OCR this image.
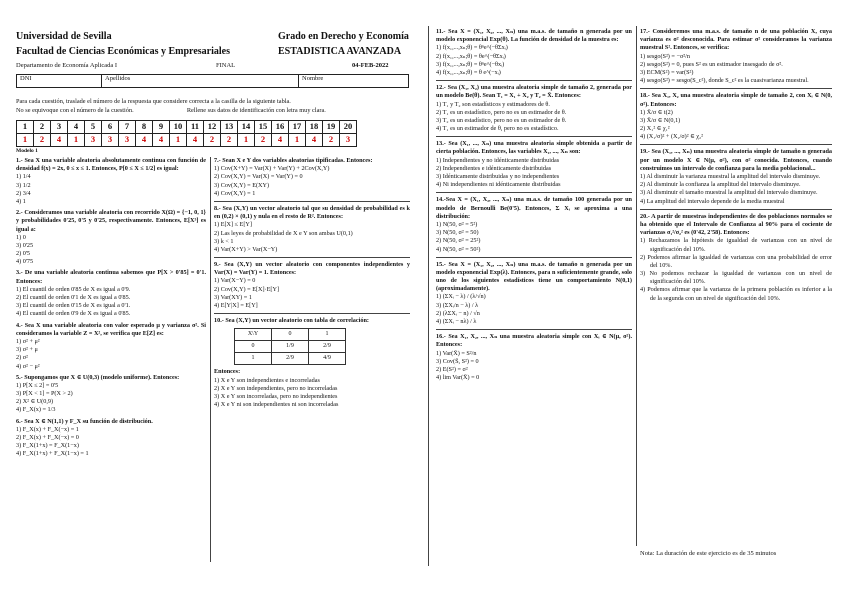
Universidad de Sevilla
Facultad de Ciencias Económicas y Empresariales
Grado en Derecho y Economía
ESTADISTICA AVANZADA
Departamento de Economía Aplicada I	FINAL	04-FEB-2022
DNI	Apellidos	Nombre
Para cada cuestión, traslade el número de la respuesta que considere correcta a la casilla de la siguiente tabla.
No se equivoque con el número de la cuestión.	Rellene sus datos de identificación con letra muy clara.
1	2	3	4	5	6	7	8	9	10	11	12	13	14	15	16	17	18	19	20
1	2	4	1	3	3	3	4	4	1	4	2	2	1	2	4	1	4	2	3
Modelo 1

1.- Sea X una variable aleatoria absolutamente continua con función de densidad f(x) = 2x, 0 ≤ x ≤ 1. Entonces, P[0 ≤ X ≤ 1/2] es igual:

1) 1/4

3) 1/2

2) 3/4

4) 1

2.- Consideramos una variable aleatoria con recorrido X(Ω) = {−1, 0, 1} y probabilidades 0'25, 0'5 y 0'25, respectivamente. Entonces, E[X³] es igual a:

1) 0

3) 0'25

2) 0'5

4) 0'75

3.- De una variable aleatoria continua sabemos que P[X > 0'85] = 0'1. Entonces:

1) El cuantil de orden 0'85 de X es igual a 0'9.

2) El cuantil de orden 0'1 de X es igual a 0'85.

3) El cuantil de orden 0'15 de X es igual a 0'1.

4) El cuantil de orden 0'9 de X es igual a 0'85.

4.- Sea X una variable aleatoria con valor esperado μ y varianza σ². Si consideramos la variable Z = X², se verifica que E[Z] es:

1) σ² + μ²

3) σ² + μ

2) σ²

4) σ² − μ²

5.- Supongamos que X ∈ U(0,3) (modelo uniforme). Entonces:

1) P[X ≤ 2] = 0'5

3) P[X < 1] = P(X > 2)

2) X² ∈ U(0,9)

4) F_X(x) = 1/3

6.- Sea X ∈ N(1,1) y F_X su función de distribución.

1) F_X(x) + F_X(−x) = 1

2) F_X(x) + F_X(−x) = 0

3) F_X(1+x) = F_X(1−x)

4) F_X(1+x) + F_X(1−x) = 1

7.- Sean X e Y dos variables aleatorias tipificadas. Entonces:

1) Cov(X+Y) = Var(X) + Var(Y) + 2Cov(X,Y)

2) Cov(X,Y) = Var(X) = Var(Y) = 0

3) Cov(X,Y) = E(XY)

4) Cov(X,Y) = 1

8.- Sea (X,Y) un vector aleatorio tal que su densidad de probabilidad es k en (0,2) × (0,1) y nula en el resto de R². Entonces:

1) E[X] ≤ E[Y]

2) Las leyes de probabilidad de X e Y son ambas U(0,1)

3) k < 1

4) Var(X+Y) > Var(X−Y)

9.- Sea (X,Y) un vector aleatorio con componentes independientes y Var(X) = Var(Y) = 1. Entonces:

1) Var(X−Y) = 0

2) Cov(X,Y) = E[X]·E[Y]

3) Var(XY) = 1

4) E[Y|X] = E[Y]

10.- Sea (X,Y) un vector aleatorio con tabla de correlación:

X\Y	0	1
0	1/9	2/9
1	2/9	4/9

Entonces:

1) X e Y son independientes e incorreladas

2) X e Y son independientes, pero no incorreladas

3) X e Y son incorreladas, pero no independientes

4) X e Y ni son independientes ni son incorreladas

11.- Sea X = (X₁, X₂, ..., Xₙ) una m.a.s. de tamaño n generada por un modelo exponencial Exp(θ). La función de densidad de la muestra es:

1) f(x₁,...,xₙ;θ) = θⁿe^(−θΣxᵢ)

2) f(x₁,...,xₙ;θ) = θe^(−θΣxᵢ)

3) f(x₁,...,xₙ;θ) = θⁿe^(−θxᵢ)

4) f(x₁,...,xₙ;θ) = θ e^(−xᵢ)

12.- Sea (X₁, X₂) una muestra aleatoria simple de tamaño 2, generada por un modelo Be(θ). Sean T₁ = X₁ + X₂ y T₂ = X̄. Entonces:

1) T₁ y T₂ son estadísticos y estimadores de θ.

2) T₁ es un estadístico, pero no es un estimador de θ.

3) T₂ es un estadístico, pero no es un estimador de θ.

4) T₁ es un estimador de θ, pero no es estadístico.

13.- Sea (X₁, ..., Xₙ) una muestra aleatoria simple obtenida a partir de cierta población. Entonces, las variables X₁, ..., Xₙ son:

1) Independientes y no idénticamente distribuidas

2) Independientes e idénticamente distribuidas

3) Idénticamente distribuidas y no independientes

4) Ni independientes ni idénticamente distribuidas

14.-Sea X = (X₁, X₂, ..., Xₙ) una m.a.s. de tamaño 100 generada por un modelo de Bernoulli Be(0'5). Entonces, Σ Xᵢ se aproxima a una distribución:

1) N(50, σ² = 5²)

3) N(50, σ² = 50)

2) N(50, σ² = 25²)

4) N(50, σ² = 50²)

15.- Sea X = (X₁, X₂, ..., Xₙ) una m.a.s. de tamaño n generada por un modelo exponencial Exp(λ). Entonces, para n suficientemente grande, solo uno de los siguientes estadísticos tiene un comportamiento N(0,1) (aproximadamente).

1) (ΣXᵢ − λ) / (λ/√n)

3) (ΣXᵢ/n − λ) / λ

2) (λΣXᵢ − n) / √n

4) (ΣXᵢ − nλ) / λ

16.- Sea X₁, X₂, ..., Xₙ una muestra aleatoria simple con Xᵢ ∈ N(μ, σ²). Entonces:

1) Var(X̄) = S²/n

3) Cov(S̄, S²) = 0

2) E(S²) = σ²

4) lim Var(X̄) = 0

17.- Consideremos una m.a.s. de tamaño n de una población X, cuya varianza es σ² desconocida. Para estimar σ² consideramos la varianza muestral S². Entonces, se verifica:

1) sesgo(S²) = −σ²/n

2) sesgo(S²) = 0, pues S² es un estimador insesgado de σ².

3) ECM(S²) = var(S²)

4) sesgo(S²) = sesgo(S_c²), donde S_c² es la cuasivarianza muestral.

18.- Sea X₁, X₂ una muestra aleatoria simple de tamaño 2, con Xᵢ ∈ N(0, σ²). Entonces:

1) X̄/σ ∈ t(2)

3) X̄/σ ∈ N(0,1)

2) X₁² ∈ χ₁²

4) (X₁/σ)² + (X₂/σ)² ∈ χ₂²

19.- Sea (X₁, ..., Xₙ) una muestra aleatoria simple de tamaño n generada por un modelo X ∈ N(μ, σ²), con σ² conocida. Entonces, cuando construimos un intervalo de confianza para la media poblacional...

1) Al disminuir la varianza muestral la amplitud del intervalo disminuye.

2) Al disminuir la confianza la amplitud del intervalo disminuye.

3) Al disminuir el tamaño muestral la amplitud del intervalo disminuye.

4) La amplitud del intervalo depende de la media muestral

20.- A partir de muestras independientes de dos poblaciones normales se ha obtenido que el Intervalo de Confianza al 90% para el cociente de varianzas σ₁²/σ₂² es (0'42, 2'58). Entonces:

1) Rechazamos la hipótesis de igualdad de varianzas con un nivel de significación del 10%.

2) Podemos afirmar la igualdad de varianzas con una probabilidad de error del 10%.

3) No podemos rechazar la igualdad de varianzas con un nivel de significación del 10%.

4) Podemos afirmar que la varianza de la primera población es inferior a la de la segunda con un nivel de significación del 10%.

Nota: La duración de este ejercicio es de 35 minutos
